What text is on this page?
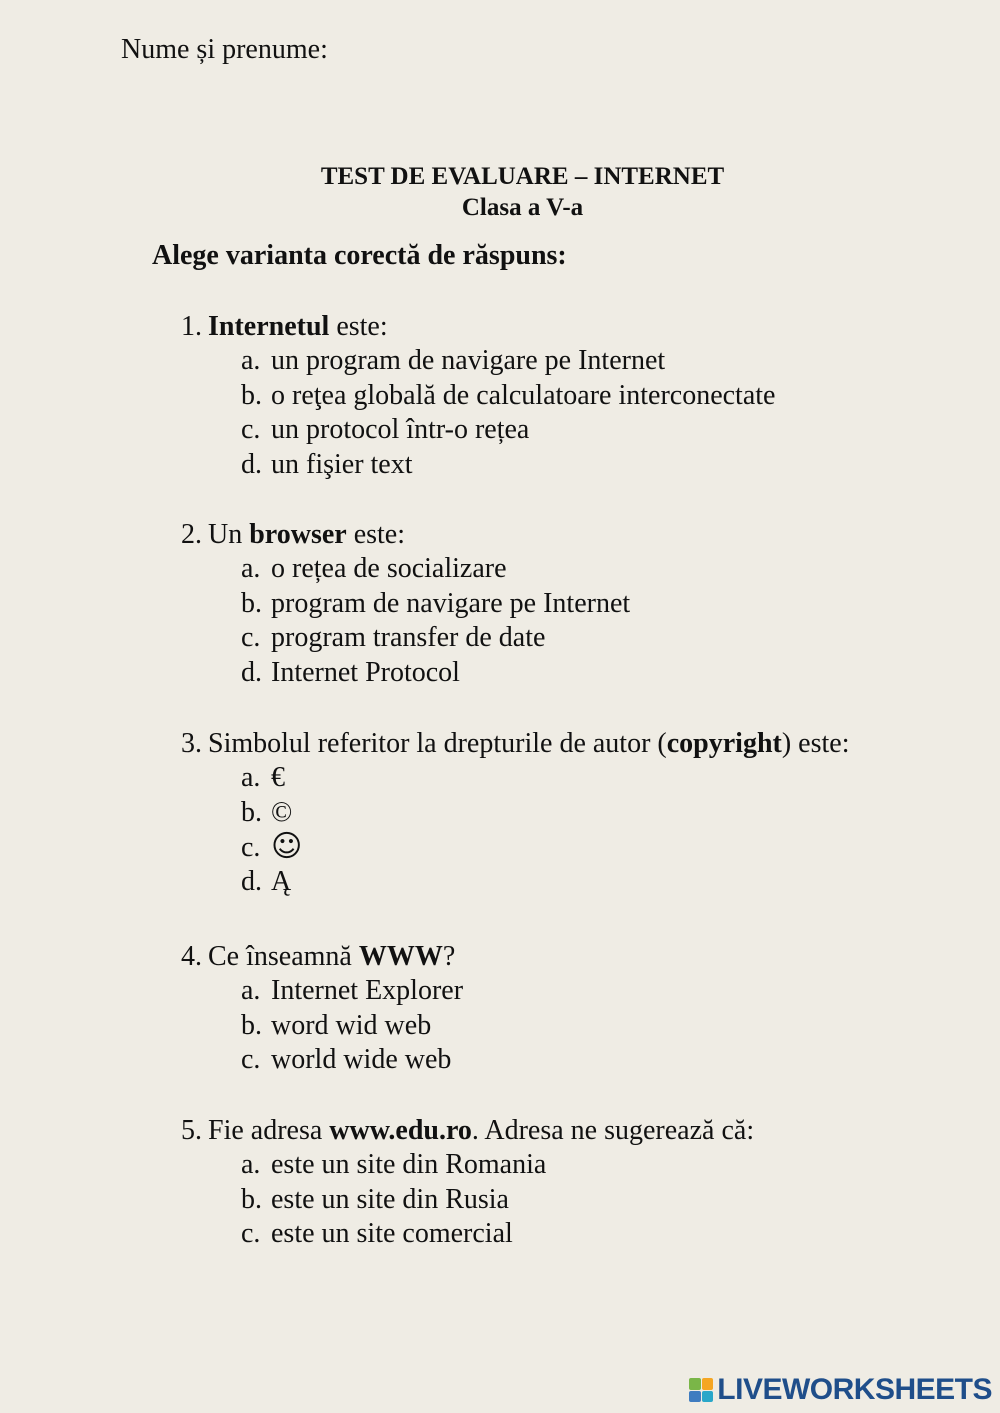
Nume și prenume:
TEST DE EVALUARE – INTERNET
Clasa a V-a
Alege varianta corectă de răspuns:
1. Internetul este:
a. un program de navigare pe Internet
b. o reţea globală de calculatoare interconectate
c. un protocol într-o rețea
d. un fişier text
2. Un browser este:
a. o rețea de socializare
b. program de navigare pe Internet
c. program transfer de date
d. Internet Protocol
3. Simbolul referitor la drepturile de autor (copyright) este:
a. €
b. ©
c. ☺
d. Ą
4. Ce înseamnă WWW?
a. Internet Explorer
b. word wid web
c. world wide web
5. Fie adresa www.edu.ro. Adresa ne sugerează că:
a. este un site din Romania
b. este un site din Rusia
c. este un site comercial
LIVEWORKSHEETS
